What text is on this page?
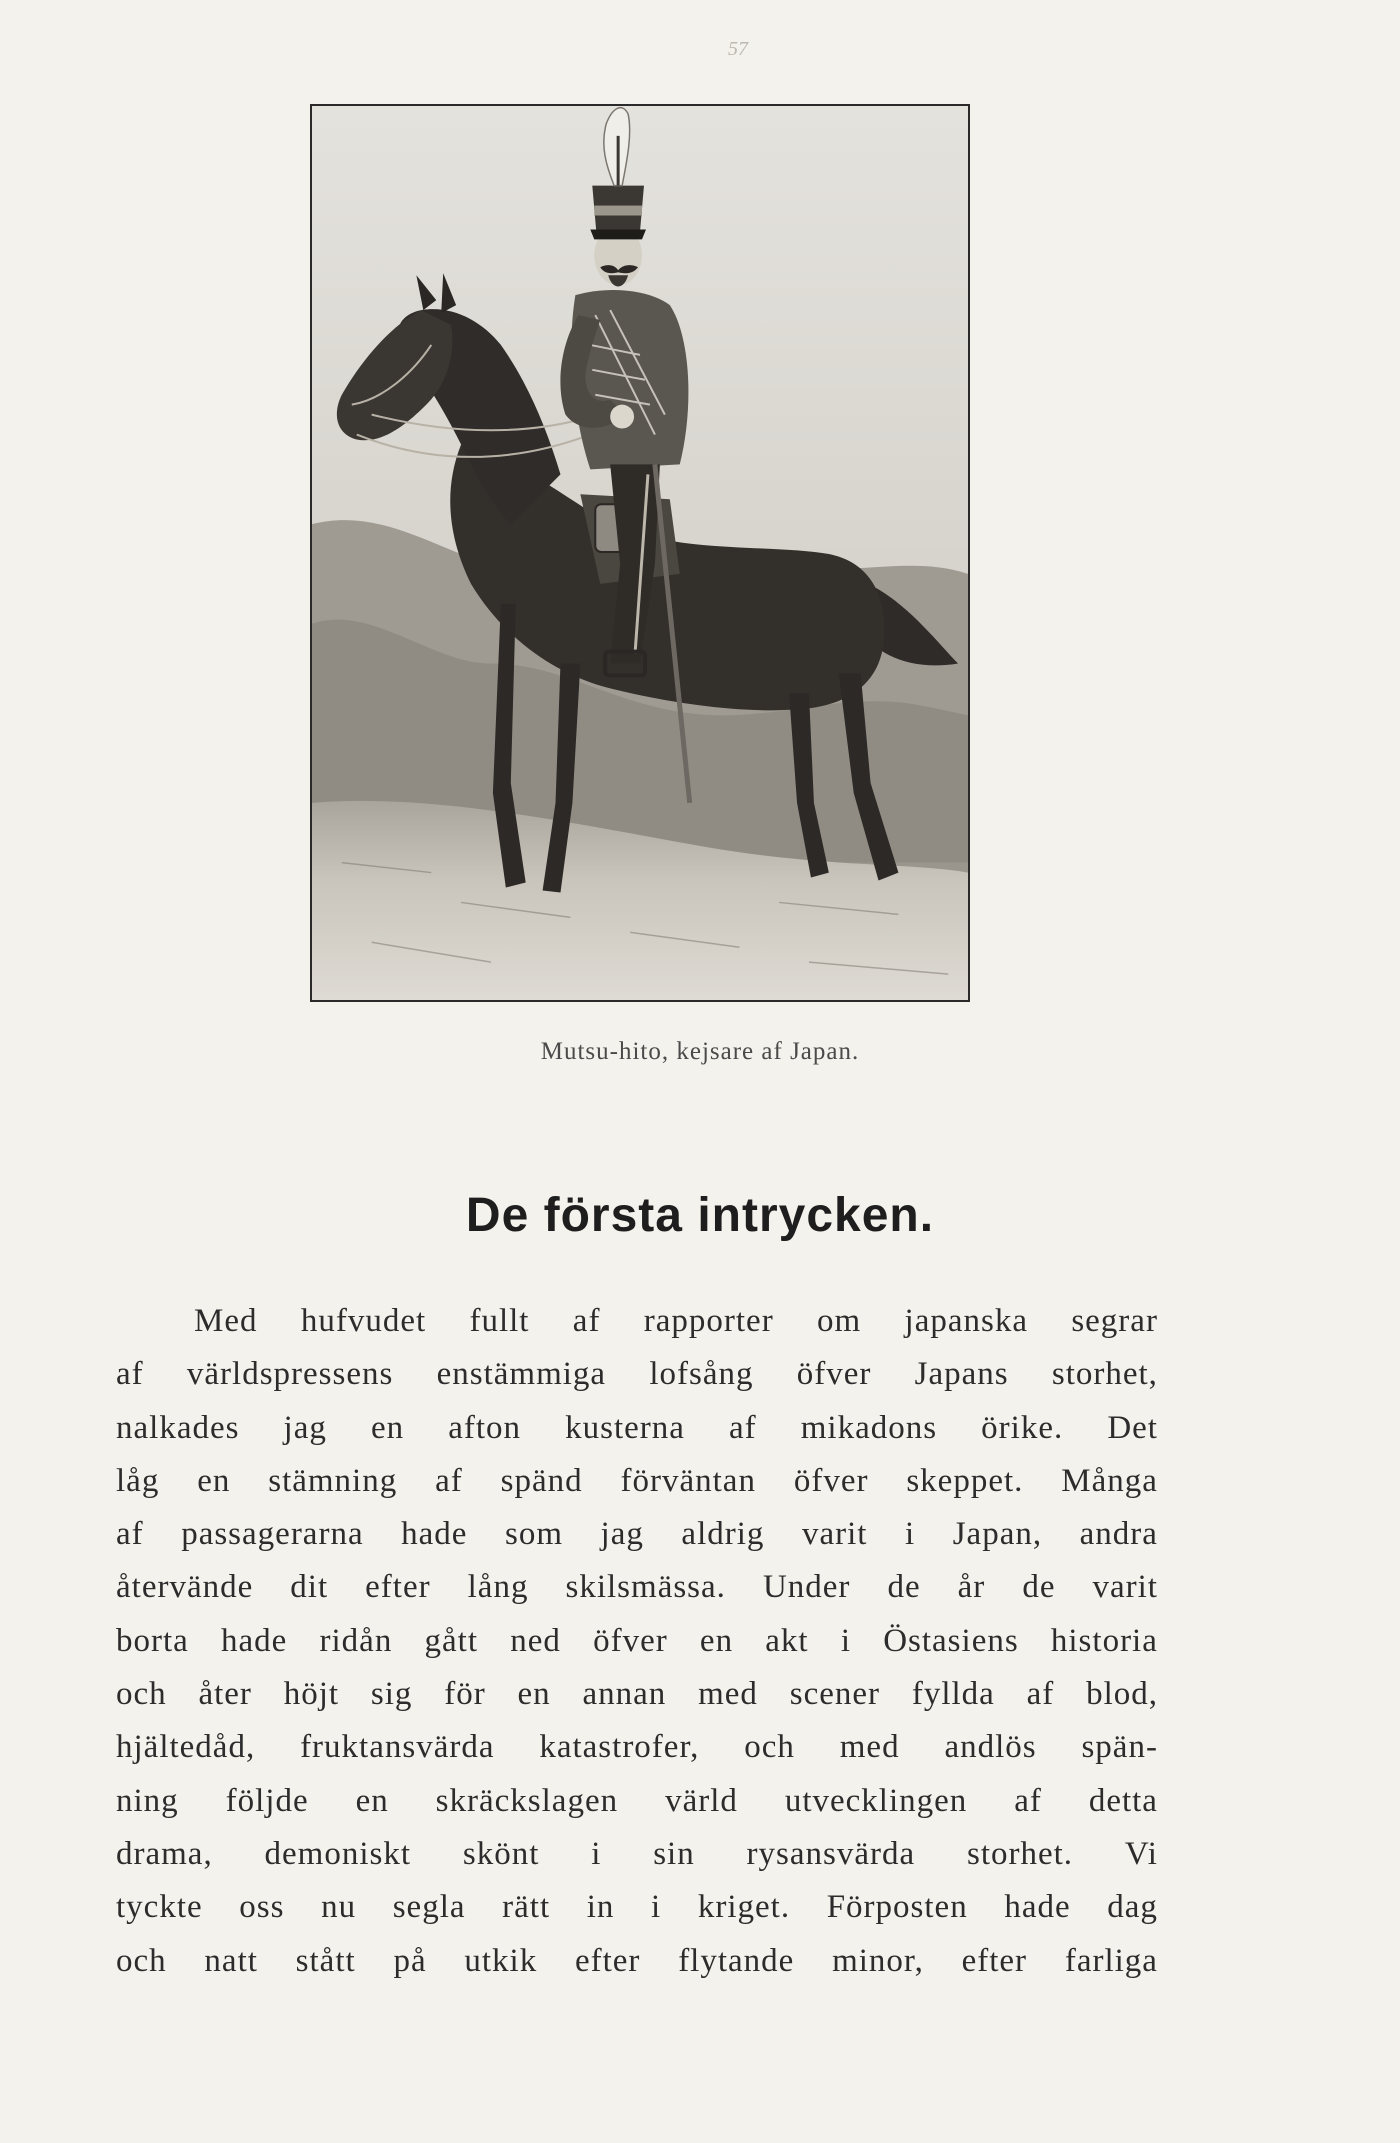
57
Mutsu-hito, kejsare af Japan.
De första intrycken.
Med hufvudet fullt af rapporter om japanska segrar
af världspressens enstämmiga lofsång öfver Japans storhet,
nalkades jag en afton kusterna af mikadons örike. Det
låg en stämning af spänd förväntan öfver skeppet. Många
af passagerarna hade som jag aldrig varit i Japan, andra
återvände dit efter lång skilsmässa. Under de år de varit
borta hade ridån gått ned öfver en akt i Östasiens historia
och åter höjt sig för en annan med scener fyllda af blod,
hjältedåd, fruktansvärda katastrofer, och med andlös spän-
ning följde en skräckslagen värld utvecklingen af detta
drama, demoniskt skönt i sin rysansvärda storhet. Vi
tyckte oss nu segla rätt in i kriget. Förposten hade dag
och natt stått på utkik efter flytande minor, efter farliga
